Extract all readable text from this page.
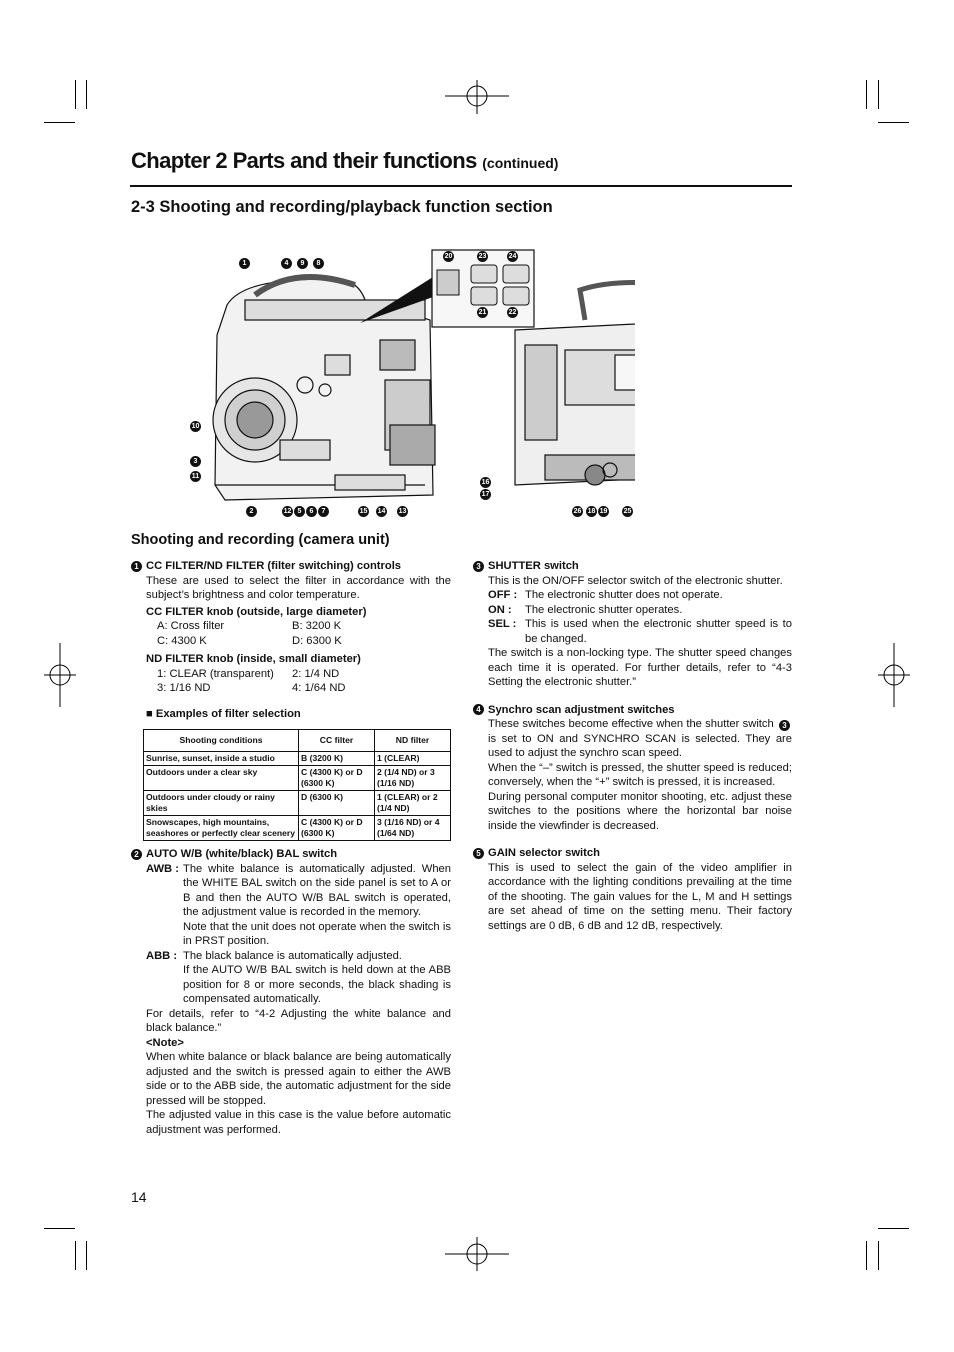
Chapter 2 Parts and their functions (continued)
2-3 Shooting and recording/playback function section
1	4	9	8
10
3
11
2	12 5	6	7	15 14 13
20	23	24
21	22
16
17
26 18 19 25
Shooting and recording (camera unit)
1 CC FILTER/ND FILTER (filter switching) controls

These are used to select the filter in accordance with the subject’s brightness and color temperature.

CC FILTER knob (outside, large diameter)

A: Cross filter	B: 3200 K
C: 4300 K	D: 6300 K

ND FILTER knob (inside, small diameter)

1: CLEAR (transparent)	2: 1/4 ND
3: 1/16 ND	4: 1/64 ND

■ Examples of filter selection

Shooting conditions	CC filter	ND filter
Sunrise, sunset, inside a studio	B (3200 K)	1 (CLEAR)
Outdoors under a clear sky	C (4300 K) or D (6300 K)	2 (1/4 ND) or 3 (1/16 ND)
Outdoors under cloudy or rainy skies	D (6300 K)	1 (CLEAR) or 2 (1/4 ND)
Snowscapes, high mountains, seashores or perfectly clear scenery	C (4300 K) or D (6300 K)	3 (1/16 ND) or 4 (1/64 ND)
2 AUTO W/B (white/black) BAL switch
AWB : The white balance is automatically adjusted. When the WHITE BAL switch on the side panel is set to A or B and then the AUTO W/B BAL switch is operated, the adjustment value is recorded in the memory.

Note that the unit does not operate when the switch is in PRST position.

ABB : The black balance is automatically adjusted.

If the AUTO W/B BAL switch is held down at the ABB position for 8 or more seconds, the black shading is compensated automatically.

For details, refer to “4-2 Adjusting the white balance and black balance.”

<Note>

When white balance or black balance are being automatically adjusted and the switch is pressed again to either the AWB side or to the ABB side, the automatic adjustment for the side pressed will be stopped.

The adjusted value in this case is the value before automatic adjustment was performed.

3 SHUTTER switch

This is the ON/OFF selector switch of the electronic shutter.

OFF : The electronic shutter does not operate.
ON :	The electronic shutter operates.
SEL : This is used when the electronic shutter speed is to be changed.

The switch is a non-locking type. The shutter speed changes each time it is operated. For further details, refer to “4-3 Setting the electronic shutter.”

4 Synchro scan adjustment switches

These switches become effective when the shutter switch 3 is set to ON and SYNCHRO SCAN is selected. They are used to adjust the synchro scan speed.

When the “–” switch is pressed, the shutter speed is reduced; conversely, when the “+” switch is pressed, it is increased.

During personal computer monitor shooting, etc. adjust these switches to the positions where the horizontal bar noise inside the viewfinder is decreased.

5 GAIN selector switch

This is used to select the gain of the video amplifier in accordance with the lighting conditions prevailing at the time of the shooting. The gain values for the L, M and H settings are set ahead of time on the setting menu. Their factory settings are 0 dB, 6 dB and 12 dB, respectively.

14
